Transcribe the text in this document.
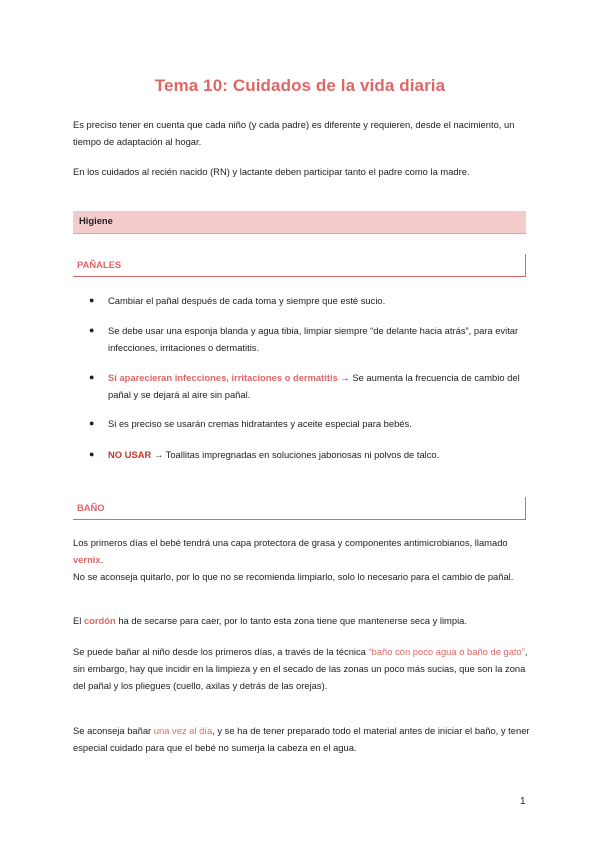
Tema 10: Cuidados de la vida diaria
Es preciso tener en cuenta que cada niño (y cada padre) es diferente y requieren, desde el nacimiento, un tiempo de adaptación al hogar.
En los cuidados al recién nacido (RN) y lactante deben participar tanto el padre como la madre.
Higiene
PAÑALES
● Cambiar el pañal después de cada toma y siempre que esté sucio.
● Se debe usar una esponja blanda y agua tibia, limpiar siempre “de delante hacia atrás”, para evitar infecciones, irritaciones o dermatitis.
● Si aparecieran infecciones, irritaciones o dermatitis → Se aumenta la frecuencia de cambio del pañal y se dejará al aire sin pañal.
● Si es preciso se usarán cremas hidratantes y aceite especial para bebés.
● NO USAR → Toallitas impregnadas en soluciones jabonosas ni polvos de talco.
BAÑO
Los primeros días el bebé tendrá una capa protectora de grasa y componentes antimicrobianos, llamado vernix.
No se aconseja quitarlo, por lo que no se recomienda limpiarlo, solo lo necesario para el cambio de pañal.
El cordón ha de secarse para caer, por lo tanto esta zona tiene que mantenerse seca y limpia.
Se puede bañar al niño desde los primeros días, a través de la técnica “baño con poco agua o baño de gato”, sin embargo, hay que incidir en la limpieza y en el secado de las zonas un poco más sucias, que son la zona del pañal y los pliegues (cuello, axilas y detrás de las orejas).
Se aconseja bañar una vez al día, y se ha de tener preparado todo el material antes de iniciar el baño, y tener especial cuidado para que el bebé no sumerja la cabeza en el agua.
1
